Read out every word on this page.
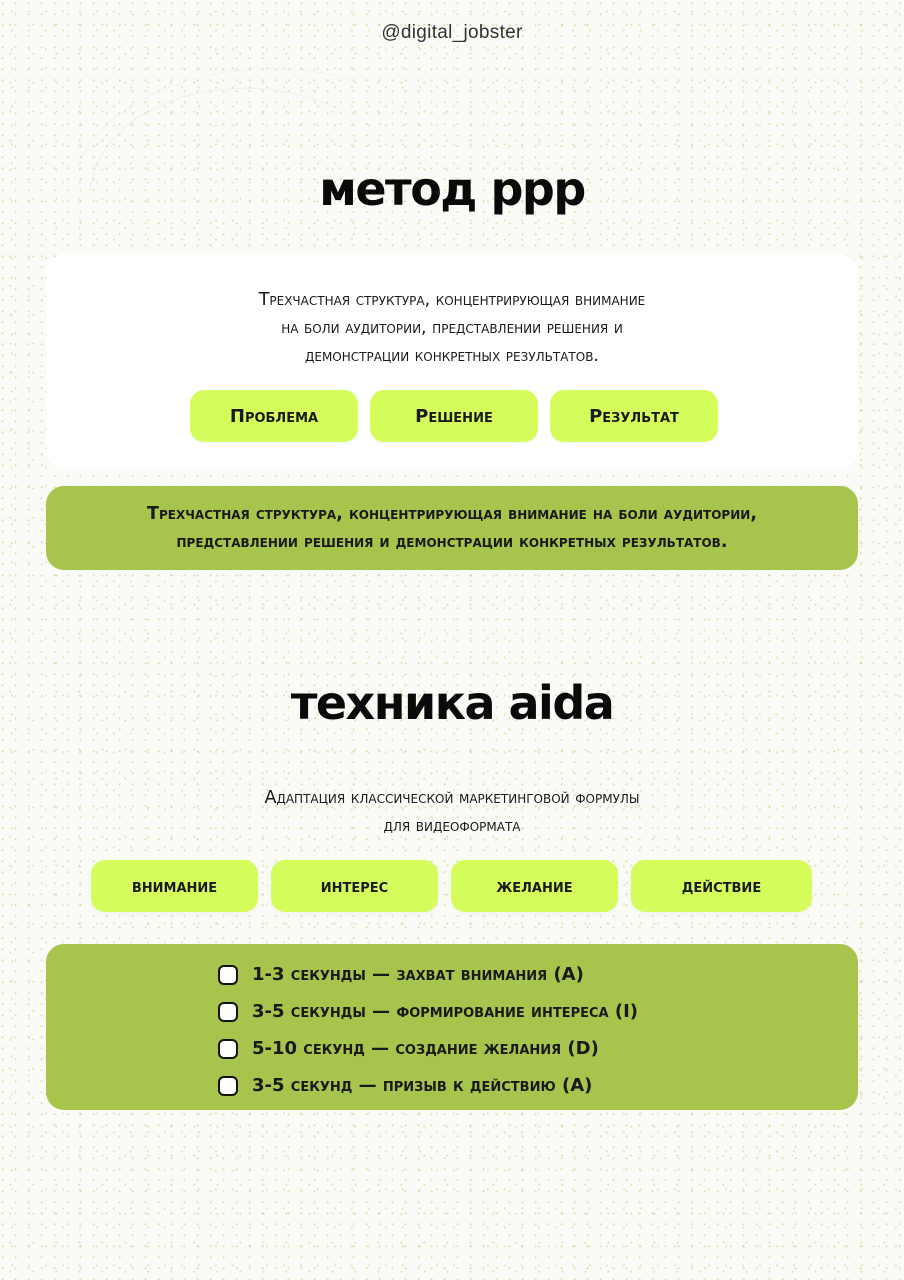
@digital_jobster
метод ppp
Трехчастная структура, концентрирующая внимание
на боли аудитории, представлении решения и
демонстрации конкретных результатов.
Проблема	Решение	Результат
Трехчастная структура, концентрирующая внимание на боли аудитории,
представлении решения и демонстрации конкретных результатов.
техника aida
Адаптация классической маркетинговой формулы
для видеоформата
внимание	интерес	желание	действие
1-3 секунды — захват внимания (A)
3-5 секунды — формирование интереса (I)
5-10 секунд — создание желания (D)
3-5 секунд — призыв к действию (A)
